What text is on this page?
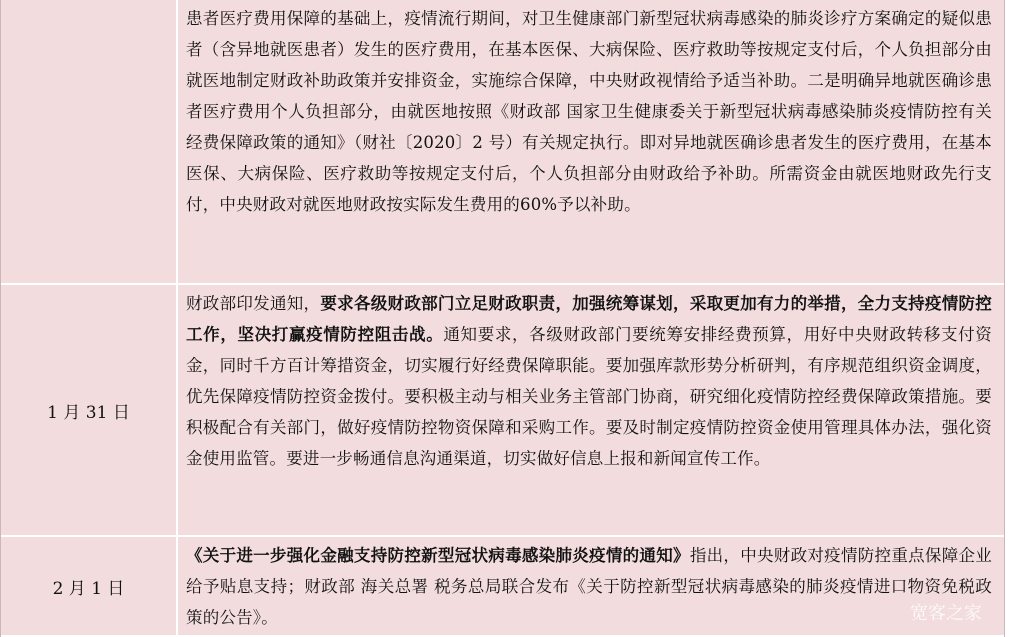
患者医疗费用保障的基础上，疫情流行期间，对卫生健康部门新型冠状病毒感染的肺炎诊疗方案确定的疑似患者（含异地就医患者）发生的医疗费用，在基本医保、大病保险、医疗救助等按规定支付后，个人负担部分由就医地制定财政补助政策并安排资金，实施综合保障，中央财政视情给予适当补助。二是明确异地就医确诊患者医疗费用个人负担部分，由就医地按照《财政部 国家卫生健康委关于新型冠状病毒感染肺炎疫情防控有关经费保障政策的通知》（财社〔2020〕2 号）有关规定执行。即对异地就医确诊患者发生的医疗费用，在基本医保、大病保险、医疗救助等按规定支付后，个人负担部分由财政给予补助。所需资金由就医地财政先行支付，中央财政对就医地财政按实际发生费用的60%予以补助。
1 月 31 日
财政部印发通知，要求各级财政部门立足财政职责，加强统筹谋划，采取更加有力的举措，全力支持疫情防控工作，坚决打赢疫情防控阻击战。通知要求，各级财政部门要统筹安排经费预算，用好中央财政转移支付资金，同时千方百计筹措资金，切实履行好经费保障职能。要加强库款形势分析研判，有序规范组织资金调度，优先保障疫情防控资金拨付。要积极主动与相关业务主管部门协商，研究细化疫情防控经费保障政策措施。要积极配合有关部门，做好疫情防控物资保障和采购工作。要及时制定疫情防控资金使用管理具体办法，强化资金使用监管。要进一步畅通信息沟通渠道，切实做好信息上报和新闻宣传工作。
2 月 1 日
《关于进一步强化金融支持防控新型冠状病毒感染肺炎疫情的通知》指出，中央财政对疫情防控重点保障企业给予贴息支持；财政部 海关总署 税务总局联合发布《关于防控新型冠状病毒感染的肺炎疫情进口物资免税政策的公告》。	宽客之家
